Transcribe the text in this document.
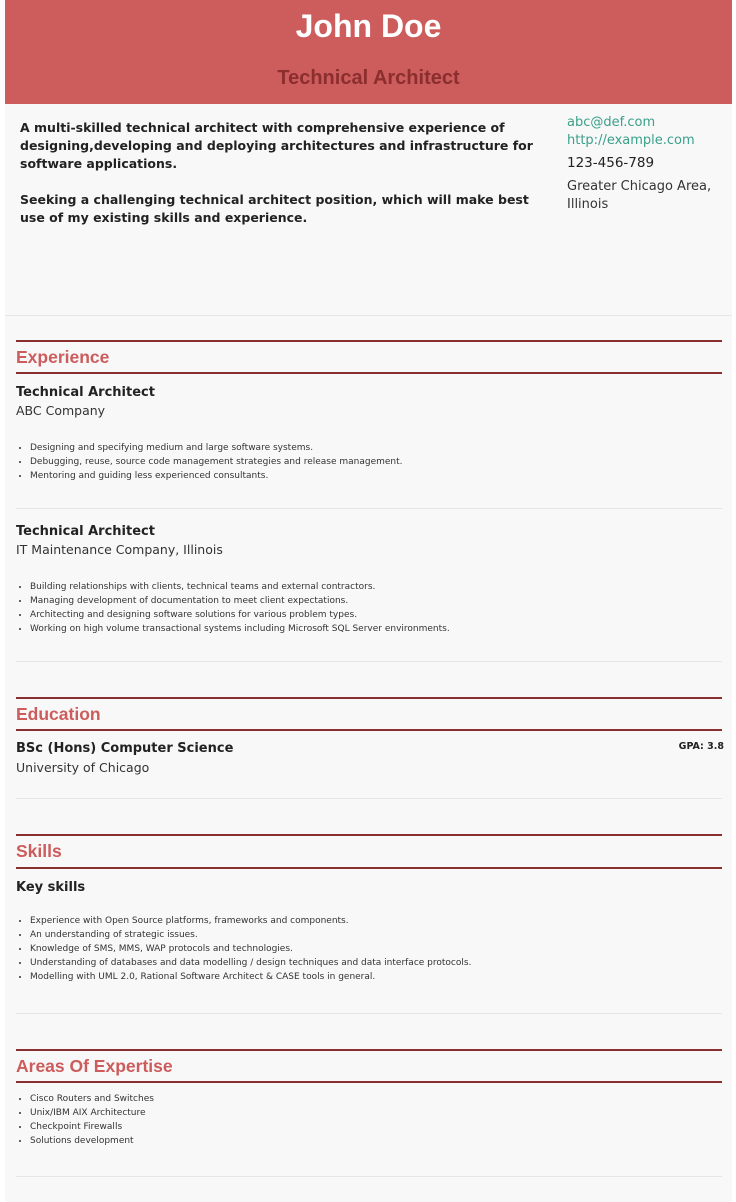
John Doe
Technical Architect

A multi-skilled technical architect with comprehensive experience of designing,developing and deploying architectures and infrastructure for software applications.

Seeking a challenging technical architect position, which will make best use of my existing skills and experience.

abc@def.com
http://example.com
123-456-789
Greater Chicago Area, Illinois
Experience
Technical Architect
ABC Company
• Designing and specifying medium and large software systems.
• Debugging, reuse, source code management strategies and release management.
• Mentoring and guiding less experienced consultants.
Technical Architect
IT Maintenance Company, Illinois
• Building relationships with clients, technical teams and external contractors.
• Managing development of documentation to meet client expectations.
• Architecting and designing software solutions for various problem types.
• Working on high volume transactional systems including Microsoft SQL Server environments.
Education
BSc (Hons) Computer Science	GPA: 3.8
University of Chicago
Skills
Key skills
• Experience with Open Source platforms, frameworks and components.
• An understanding of strategic issues.
• Knowledge of SMS, MMS, WAP protocols and technologies.
• Understanding of databases and data modelling / design techniques and data interface protocols.
• Modelling with UML 2.0, Rational Software Architect & CASE tools in general.
Areas Of Expertise
• Cisco Routers and Switches
• Unix/IBM AIX Architecture
• Checkpoint Firewalls
• Solutions development
